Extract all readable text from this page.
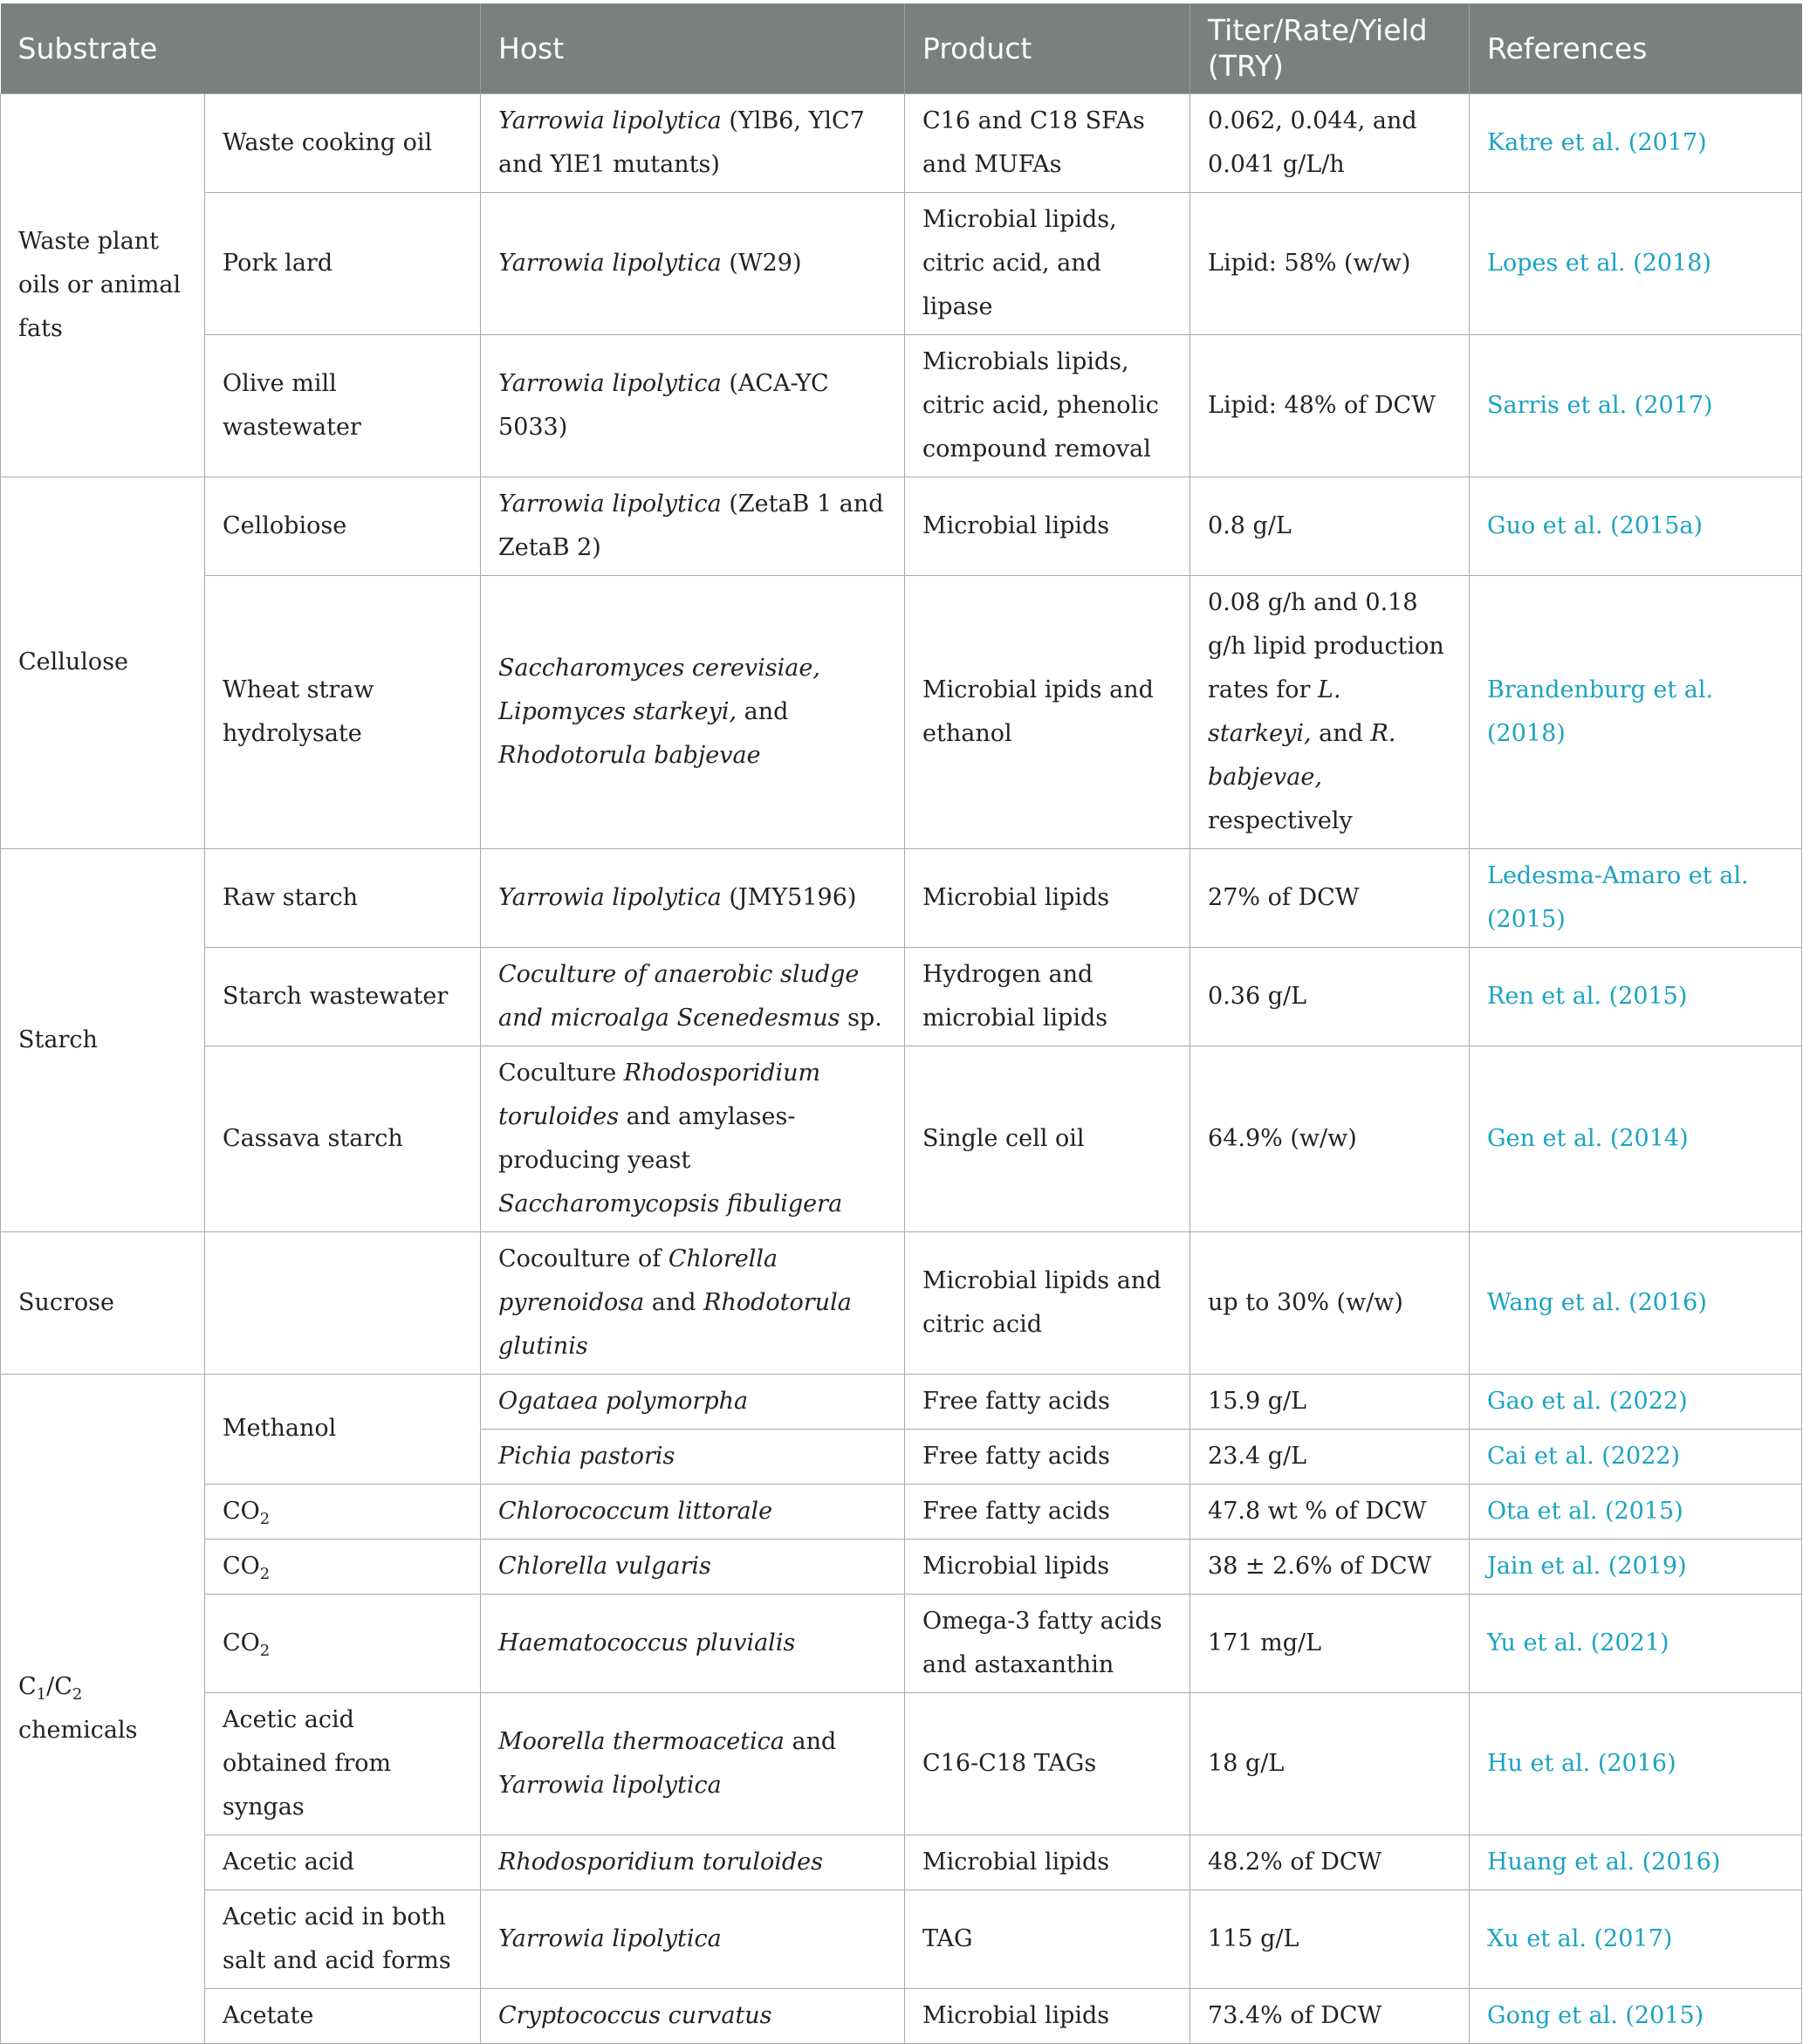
Substrate		Host	Product	Titer/Rate/Yield (TRY)	References
Waste plant oils or animal fats	Waste cooking oil	Yarrowia lipolytica (YlB6, YlC7 and YlE1 mutants)	C16 and C18 SFAs and MUFAs	0.062, 0.044, and 0.041 g/L/h	Katre et al. (2017)
	Pork lard	Yarrowia lipolytica (W29)	Microbial lipids, citric acid, and lipase	Lipid: 58% (w/w)	Lopes et al. (2018)
	Olive mill wastewater	Yarrowia lipolytica (ACA-YC 5033)	Microbials lipids, citric acid, phenolic compound removal	Lipid: 48% of DCW	Sarris et al. (2017)
Cellulose	Cellobiose	Yarrowia lipolytica (ZetaB 1 and ZetaB 2)	Microbial lipids	0.8 g/L	Guo et al. (2015a)
	Wheat straw hydrolysate	Saccharomyces cerevisiae, Lipomyces starkeyi, and Rhodotorula babjevae	Microbial ipids and ethanol	0.08 g/h and 0.18 g/h lipid production rates for L. starkeyi, and R. babjevae, respectively	Brandenburg et al. (2018)
Starch	Raw starch	Yarrowia lipolytica (JMY5196)	Microbial lipids	27% of DCW	Ledesma-Amaro et al. (2015)
	Starch wastewater	Coculture of anaerobic sludge and microalga Scenedesmus sp.	Hydrogen and microbial lipids	0.36 g/L	Ren et al. (2015)
	Cassava starch	Coculture Rhodosporidium toruloides and amylases-producing yeast Saccharomycopsis fibuligera	Single cell oil	64.9% (w/w)	Gen et al. (2014)
Sucrose		Cocoulture of Chlorella pyrenoidosa and Rhodotorula glutinis	Microbial lipids and citric acid	up to 30% (w/w)	Wang et al. (2016)
$C_1/C_2$ chemicals	Methanol	Ogataea polymorpha	Free fatty acids	15.9 g/L	Gao et al. (2022)
		Pichia pastoris	Free fatty acids	23.4 g/L	Cai et al. (2022)
	$CO_2$	Chlorococcum littorale	Free fatty acids	47.8 wt % of DCW	Ota et al. (2015)
	$CO_2$	Chlorella vulgaris	Microbial lipids	38 ± 2.6% of DCW	Jain et al. (2019)
	$CO_2$	Haematococcus pluvialis	Omega-3 fatty acids and astaxanthin	171 mg/L	Yu et al. (2021)
	Acetic acid obtained from syngas	Moorella thermoacetica and Yarrowia lipolytica	C16-C18 TAGs	18 g/L	Hu et al. (2016)
	Acetic acid	Rhodosporidium toruloides	Microbial lipids	48.2% of DCW	Huang et al. (2016)
	Acetic acid in both salt and acid forms	Yarrowia lipolytica	TAG	115 g/L	Xu et al. (2017)
	Acetate	Cryptococcus curvatus	Microbial lipids	73.4% of DCW	Gong et al. (2015)
